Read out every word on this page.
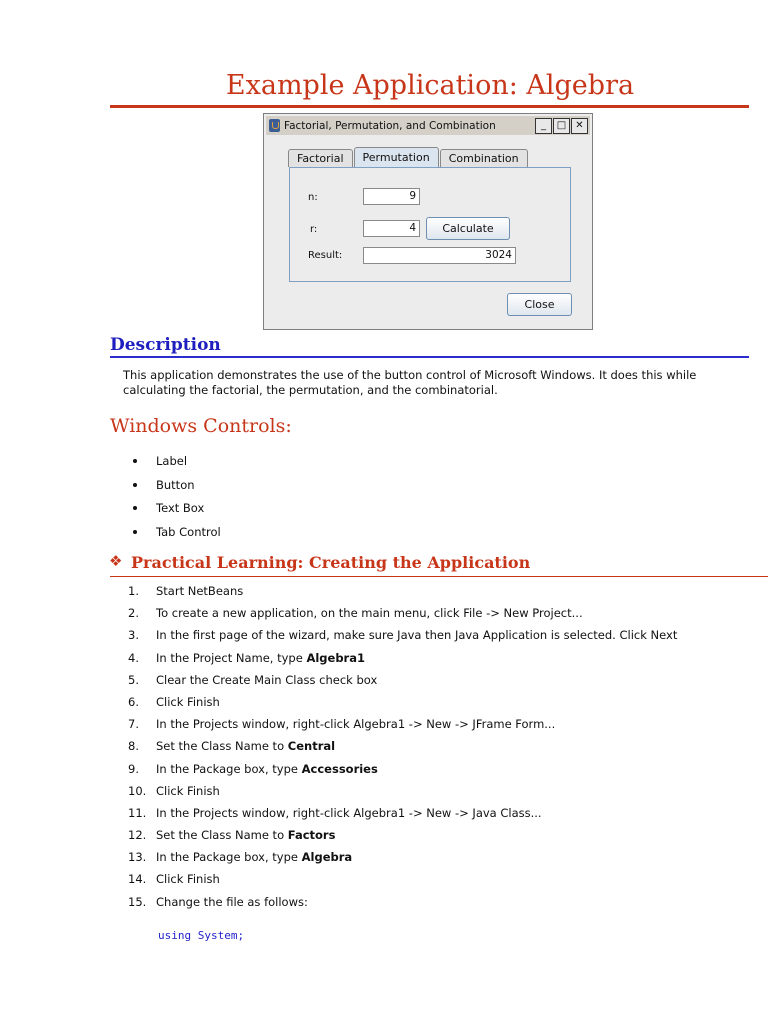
Example Application: Algebra
Factorial, Permutation, and Combination	_	□ ✕
Factorial	Permutation	Combination
n:	9
r:	4	Calculate
Result:	3024
Close
Description
This application demonstrates the use of the button control of Microsoft Windows. It does this while calculating the factorial, the permutation, and the combinatorial.
Windows Controls:
Label
Button
Text Box
Tab Control
❖ Practical Learning: Creating the Application
1.	Start NetBeans
2.	To create a new application, on the main menu, click File -> New Project...
3.	In the first page of the wizard, make sure Java then Java Application is selected. Click Next
4.	In the Project Name, type Algebra1
5.	Clear the Create Main Class check box
6.	Click Finish
7.	In the Projects window, right-click Algebra1 -> New -> JFrame Form...
8.	Set the Class Name to Central
9.	In the Package box, type Accessories
10. Click Finish
11. In the Projects window, right-click Algebra1 -> New -> Java Class...
12. Set the Class Name to Factors
13. In the Package box, type Algebra
14. Click Finish
15. Change the file as follows:
using System;
